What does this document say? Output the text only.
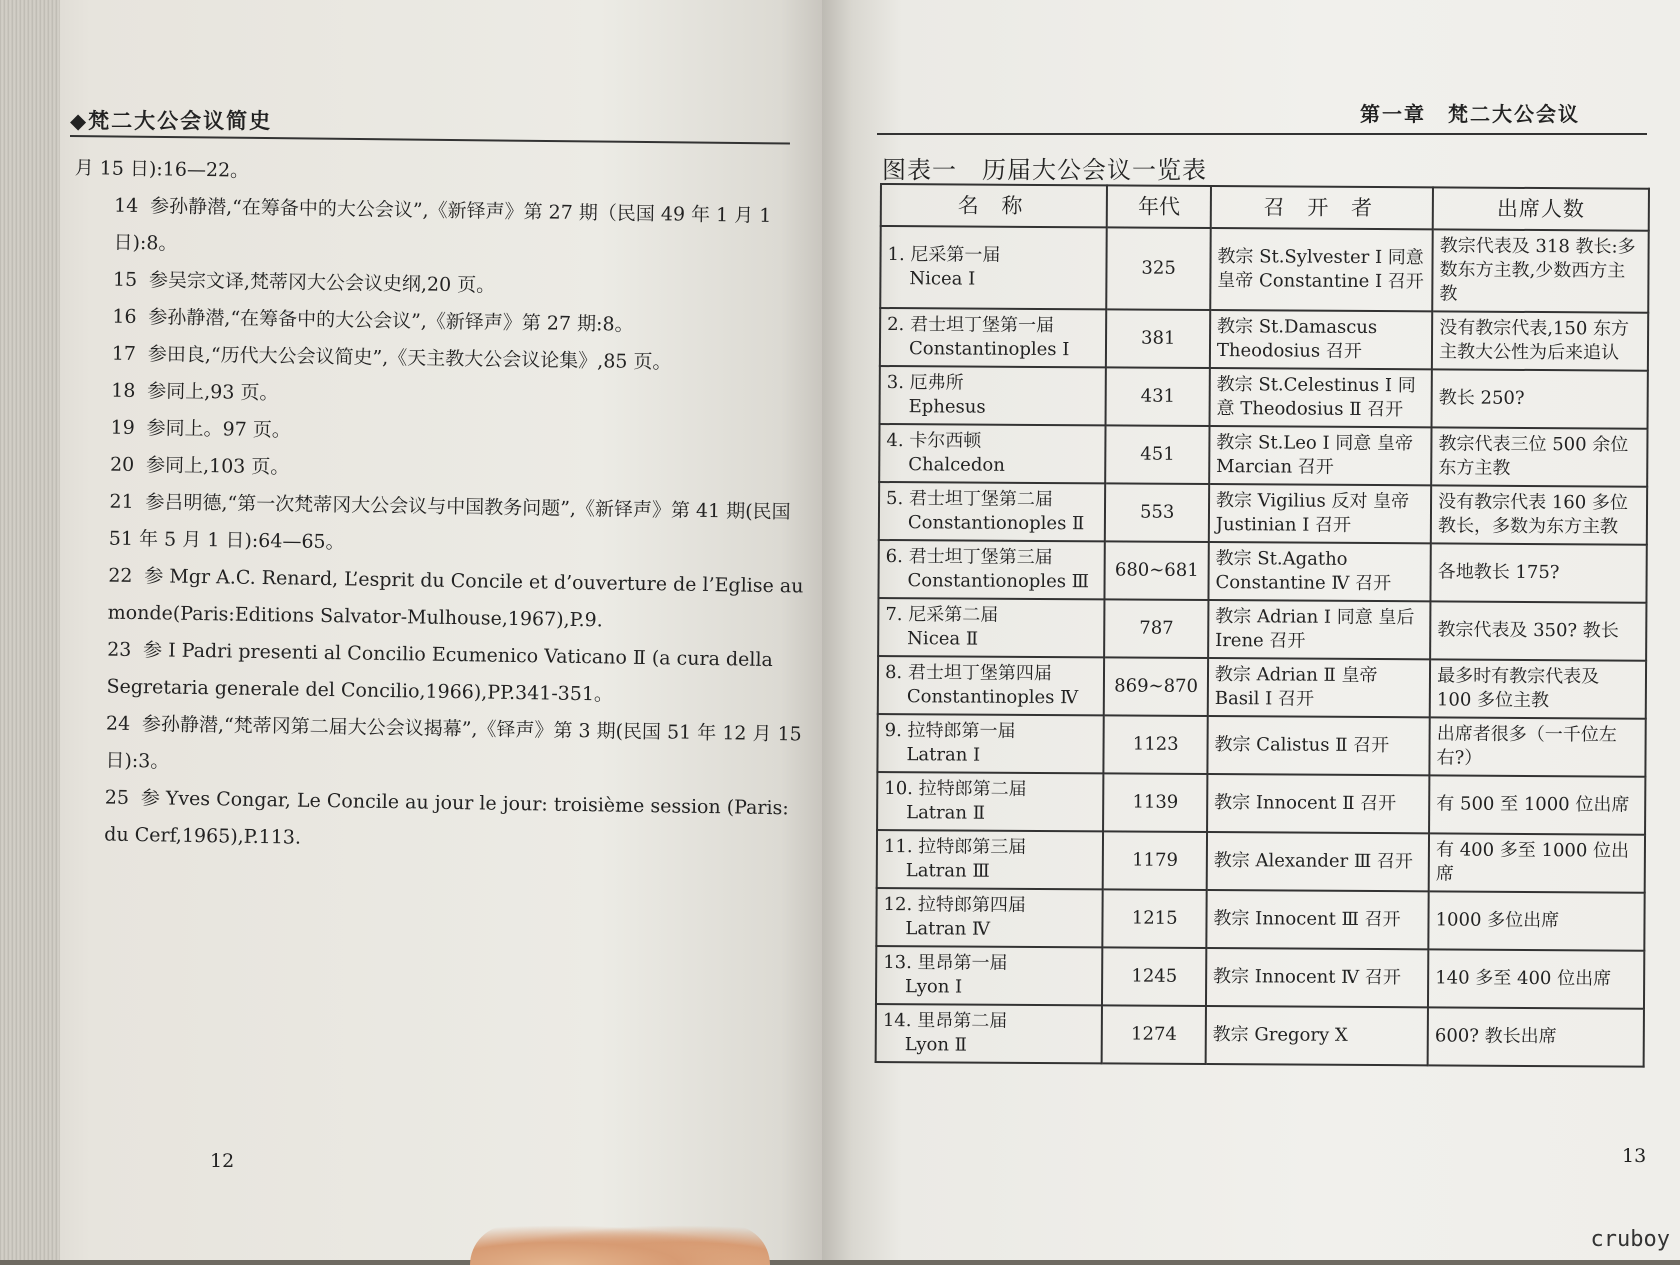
◆梵二大公会议简史
月 15 日):16—22。
14 参孙静潜,“在筹备中的大公会议”,《新铎声》第 27 期（民国 49 年 1 月 1 日):8。
15 参吴宗文译,梵蒂冈大公会议史纲,20 页。
16 参孙静潜,“在筹备中的大公会议”,《新铎声》第 27 期:8。
17 参田良,“历代大公会议简史”,《天主教大公会议论集》,85 页。
18 参同上,93 页。
19 参同上。97 页。
20 参同上,103 页。
21 参吕明德,“第一次梵蒂冈大公会议与中国教务问题”,《新铎声》第 41 期(民国 51 年 5 月 1 日):64—65。
22 参 Mgr A.C. Renard, L’esprit du Concile et d’ouverture de l’Eglise au monde(Paris:Editions Salvator-Mulhouse,1967),P.9.
23 参 I Padri presenti al Concilio Ecumenico Vaticano Ⅱ (a cura della Segretaria generale del Concilio,1966),PP.341-351。
24 参孙静潜,“梵蒂冈第二届大公会议揭幕”,《铎声》第 3 期(民国 51 年 12 月 15 日):3。
25 参 Yves Congar, Le Concile au jour le jour: troisième session (Paris: du Cerf,1965),P.113.
12
第一章　梵二大公会议
图表一　历届大公会议一览表
名 称	年代	召 开 者	出席人数

1. 尼采第一届
Nicea Ⅰ	325	教宗 St.Sylvester Ⅰ 同意 皇帝 Constantine Ⅰ 召开	教宗代表及 318 教长:多数东方主教,少数西方主教

2. 君士坦丁堡第一届
Constantinoples Ⅰ	381	教宗 St.Damascus Theodosius 召开	没有教宗代表,150 东方主教大公性为后来追认

3. 厄弗所
Ephesus	431	教宗 St.Celestinus Ⅰ 同意 Theodosius Ⅱ 召开	教长 250?

4. 卡尔西顿
Chalcedon	451	教宗 St.Leo Ⅰ 同意 皇帝 Marcian 召开	教宗代表三位 500 余位东方主教

5. 君士坦丁堡第二届
Constantionoples Ⅱ	553	教宗 Vigilius 反对 皇帝 Justinian Ⅰ 召开	没有教宗代表 160 多位教长，多数为东方主教

6. 君士坦丁堡第三届
Constantionoples Ⅲ	680~681	教宗 St.Agatho Constantine Ⅳ 召开	各地教长 175?

7. 尼采第二届
Nicea Ⅱ	787	教宗 Adrian Ⅰ 同意 皇后 Irene 召开	教宗代表及 350? 教长

8. 君士坦丁堡第四届
Constantinoples Ⅳ	869~870	教宗 Adrian Ⅱ 皇帝 Basil Ⅰ 召开	最多时有教宗代表及 100 多位主教

9. 拉特郎第一届
Latran Ⅰ	1123	教宗 Calistus Ⅱ 召开	出席者很多（一千位左右?）

10. 拉特郎第二届
Latran Ⅱ	1139	教宗 Innocent Ⅱ 召开	有 500 至 1000 位出席

11. 拉特郎第三届
Latran Ⅲ	1179	教宗 Alexander Ⅲ 召开	有 400 多至 1000 位出席

12. 拉特郎第四届
Latran Ⅳ	1215	教宗 Innocent Ⅲ 召开	1000 多位出席

13. 里昂第一届
Lyon Ⅰ	1245	教宗 Innocent Ⅳ 召开	140 多至 400 位出席

14. 里昂第二届
Lyon Ⅱ	1274	教宗 Gregory Ⅹ	600? 教长出席
13
cruboy
